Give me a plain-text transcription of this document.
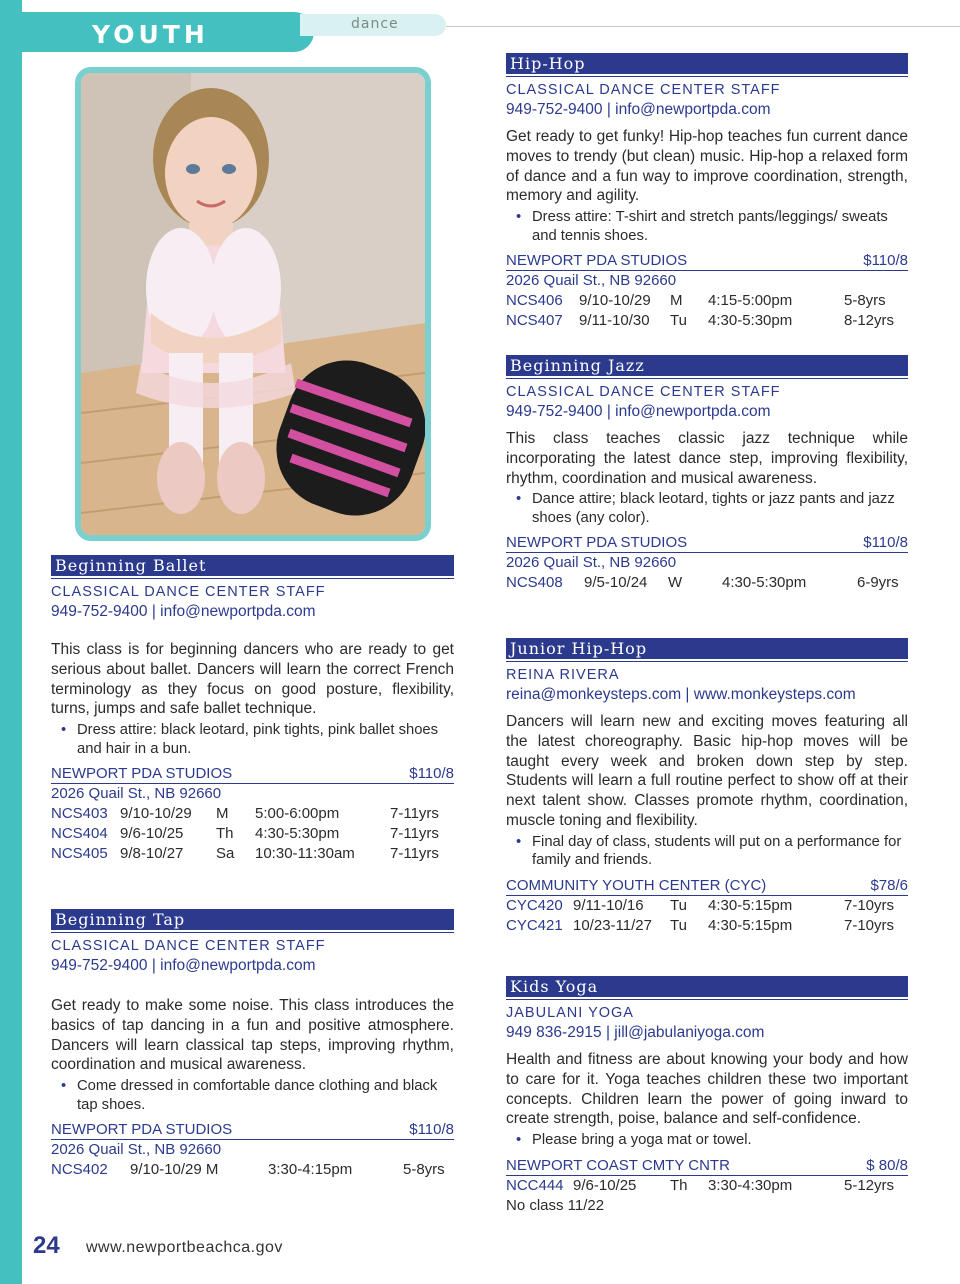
YOUTH	dance
Beginning Ballet
CLASSICAL DANCE CENTER STAFF
949-752-9400 | info@newportpda.com
This class is for beginning dancers who are ready to get serious about ballet. Dancers will learn the correct French terminology as they focus on good posture, flexibility, turns, jumps and safe ballet technique.
• Dress attire: black leotard, pink tights, pink ballet shoes and hair in a bun.
NEWPORT PDA STUDIOS	$110/8
2026 Quail St., NB 92660
NCS403 9/10-10/29 M 5:00-6:00pm	7-11yrs
NCS404 9/6-10/25 Th 4:30-5:30pm	7-11yrs
NCS405 9/8-10/27 Sa 10:30-11:30am 7-11yrs
Beginning Tap
CLASSICAL DANCE CENTER STAFF
949-752-9400 | info@newportpda.com
Get ready to make some noise. This class introduces the basics of tap dancing in a fun and positive atmosphere. Dancers will learn classical tap steps, improving rhythm, coordination and musical awareness.
• Come dressed in comfortable dance clothing and black tap shoes.
NEWPORT PDA STUDIOS	$110/8
2026 Quail St., NB 92660
NCS402 9/10-10/29 M	3:30-4:15pm	5-8yrs
Hip-Hop
CLASSICAL DANCE CENTER STAFF
949-752-9400 | info@newportpda.com
Get ready to get funky! Hip-hop teaches fun current dance moves to trendy (but clean) music. Hip-hop a relaxed form of dance and a fun way to improve coordination, strength, memory and agility.
• Dress attire: T-shirt and stretch pants/leggings/ sweats and tennis shoes.
NEWPORT PDA STUDIOS	$110/8
2026 Quail St., NB 92660
NCS406 9/10-10/29 M 4:15-5:00pm	5-8yrs
NCS407 9/11-10/30 Tu 4:30-5:30pm	8-12yrs
Beginning Jazz
CLASSICAL DANCE CENTER STAFF
949-752-9400 | info@newportpda.com
This class teaches classic jazz technique while incorporating the latest dance step, improving flexibility, rhythm, coordination and musical awareness.
• Dance attire; black leotard, tights or jazz pants and jazz shoes (any color).
NEWPORT PDA STUDIOS	$110/8
2026 Quail St., NB 92660
NCS408 9/5-10/24 W	4:30-5:30pm	6-9yrs
Junior Hip-Hop
REINA RIVERA
reina@monkeysteps.com | www.monkeysteps.com
Dancers will learn new and exciting moves featuring all the latest choreography. Basic hip-hop moves will be taught every week and broken down step by step. Students will learn a full routine perfect to show off at their next talent show. Classes promote rhythm, coordination, muscle toning and flexibility.
• Final day of class, students will put on a performance for family and friends.
COMMUNITY YOUTH CENTER (CYC)	$78/6
CYC420 9/11-10/16 Tu 4:30-5:15pm	7-10yrs
CYC421 10/23-11/27 Tu 4:30-5:15pm	7-10yrs
Kids Yoga
JABULANI YOGA
949 836-2915 | jill@jabulaniyoga.com
Health and fitness are about knowing your body and how to care for it. Yoga teaches children these two important concepts. Children learn the power of going inward to create strength, poise, balance and self-confidence.
• Please bring a yoga mat or towel.
NEWPORT COAST CMTY CNTR	$ 80/8
NCC444 9/6-10/25 Th 3:30-4:30pm	5-12yrs
No class 11/22
24 www.newportbeachca.gov
